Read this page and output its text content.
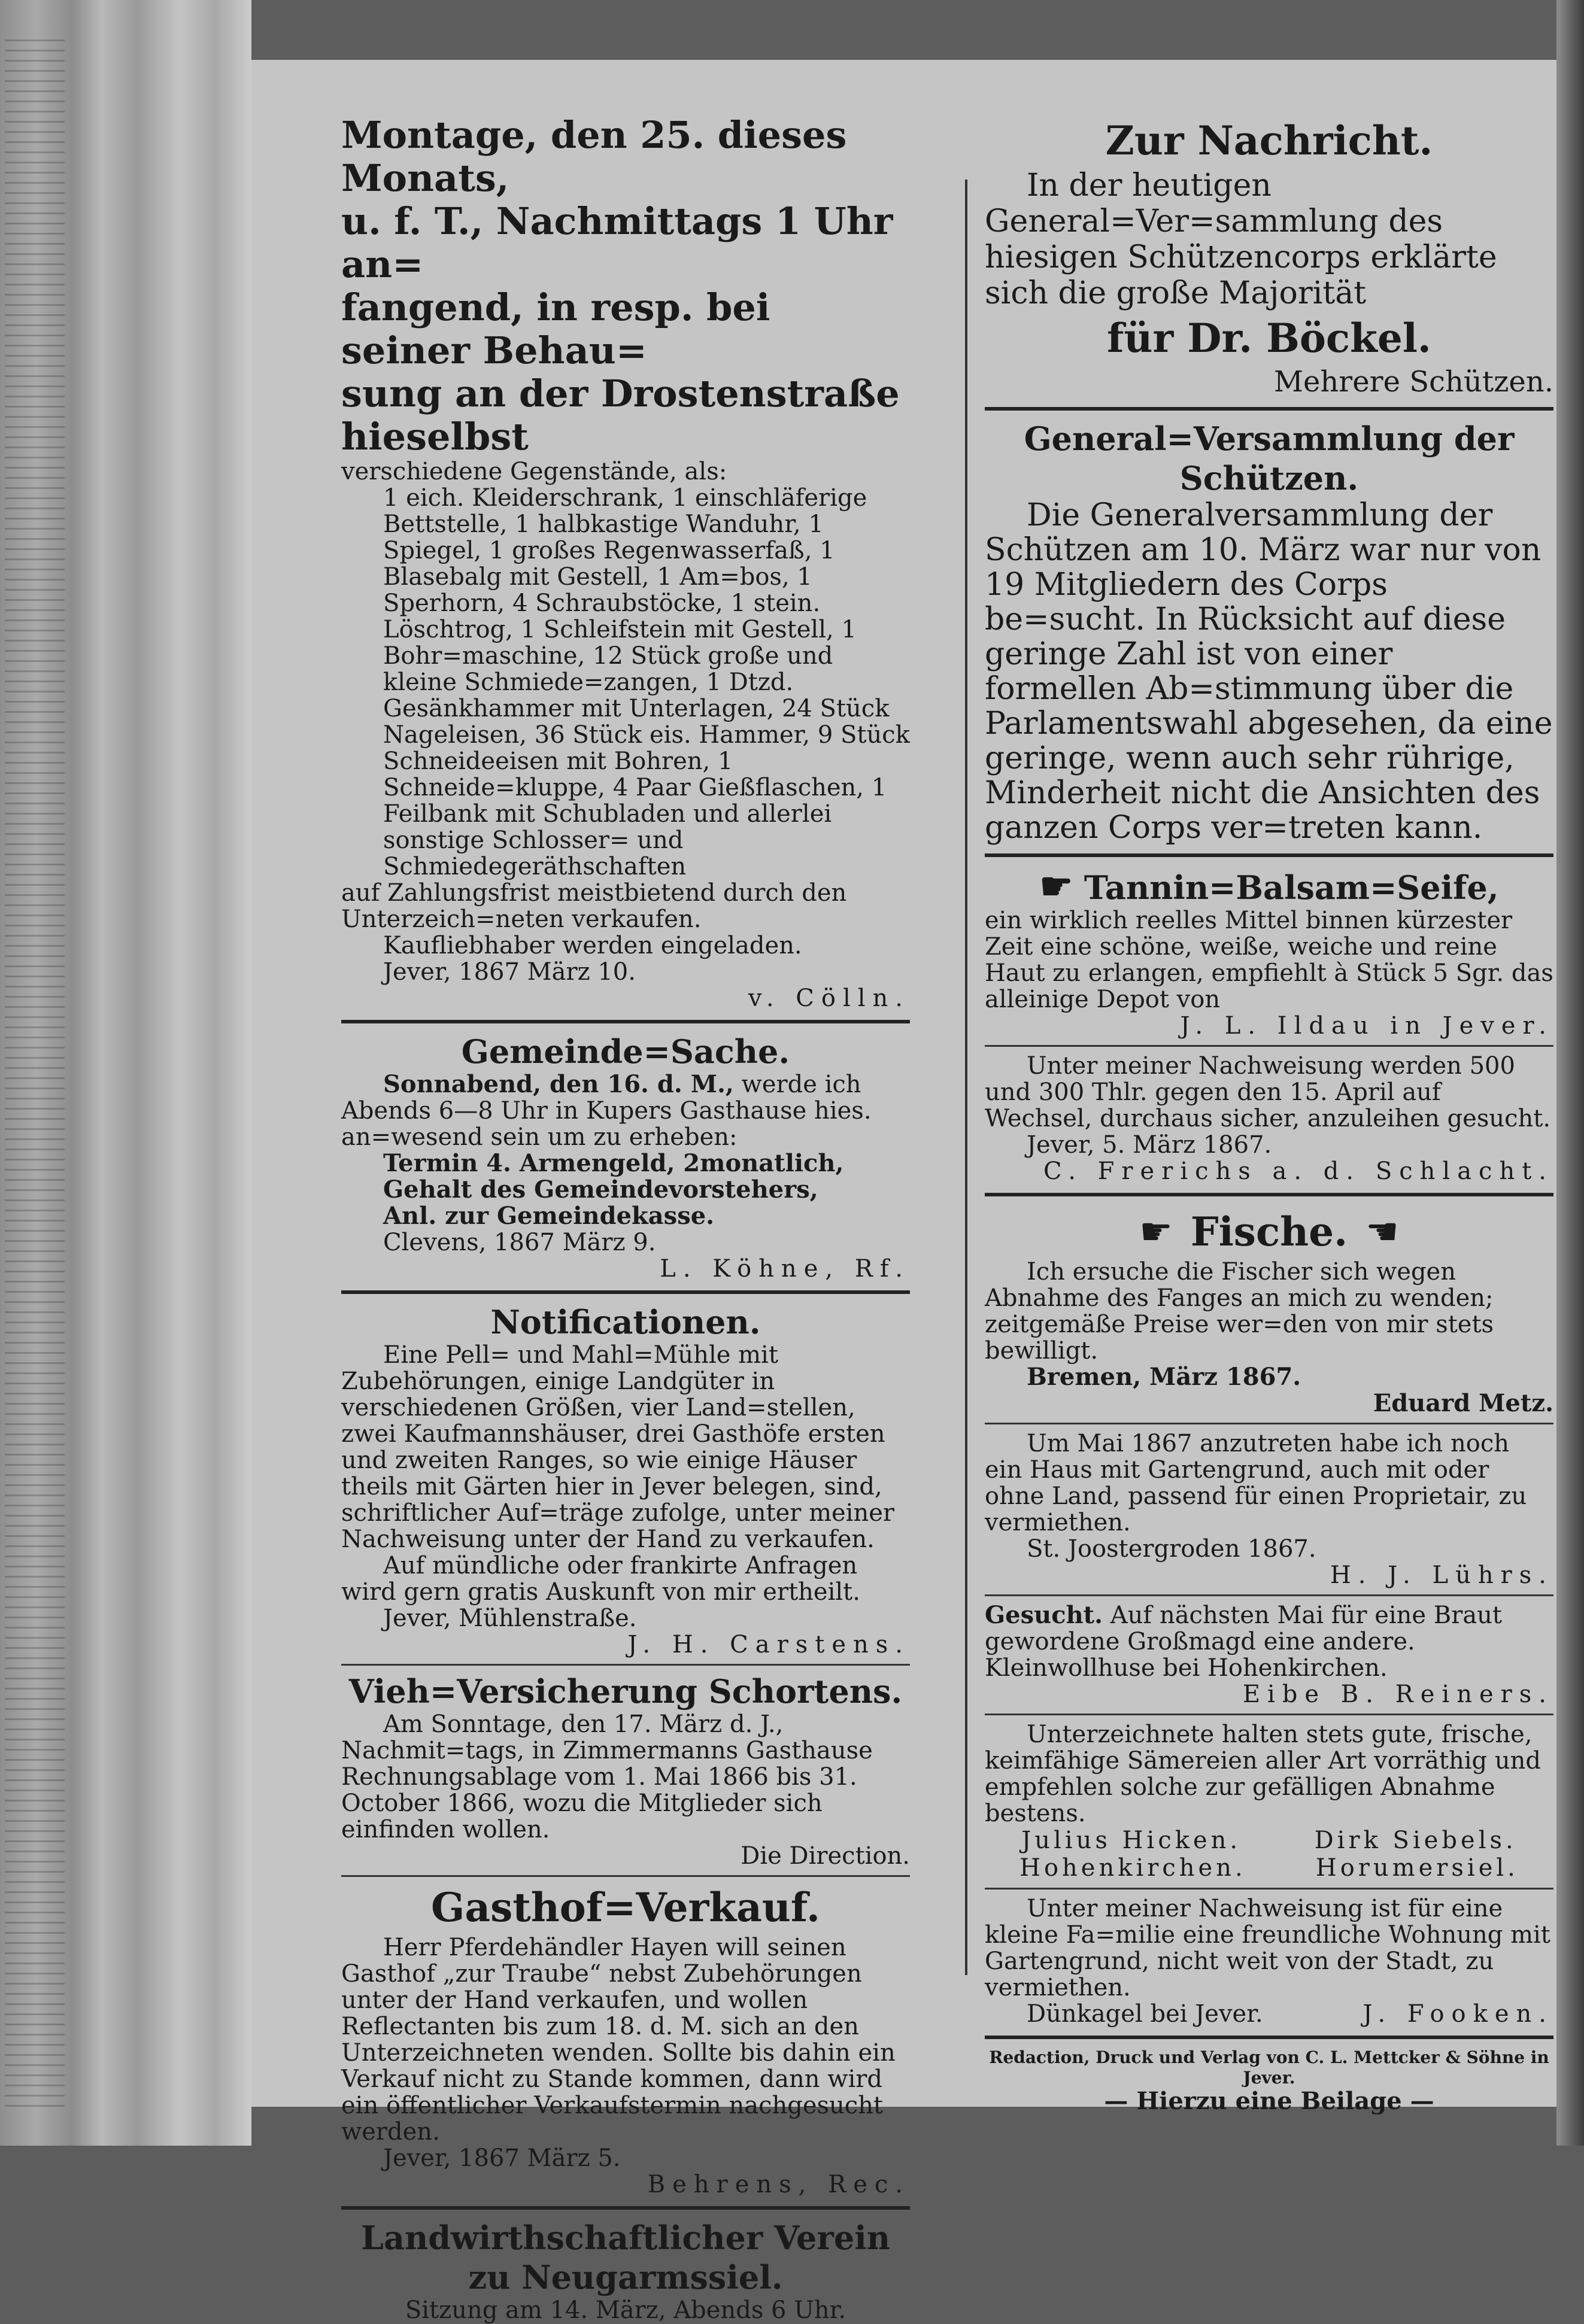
Montage, den 25. dieses Monats,

u. f. T., Nachmittags 1 Uhr an=

fangend, in resp. bei seiner Behau=

sung an der Drostenstraße hieselbst

verschiedene Gegenstände, als:

1 eich. Kleiderschrank, 1 einschläferige Bettstelle, 1 halbkastige Wanduhr, 1 Spiegel, 1 großes Regenwasserfaß, 1 Blasebalg mit Gestell, 1 Am=bos, 1 Sperhorn, 4 Schraubstöcke, 1 stein. Löschtrog, 1 Schleifstein mit Gestell, 1 Bohr=maschine, 12 Stück große und kleine Schmiede=zangen, 1 Dtzd. Gesänkhammer mit Unterlagen, 24 Stück Nageleisen, 36 Stück eis. Hammer, 9 Stück Schneideeisen mit Bohren, 1 Schneide=kluppe, 4 Paar Gießflaschen, 1 Feilbank mit Schubladen und allerlei sonstige Schlosser= und Schmiedegeräthschaften

auf Zahlungsfrist meistbietend durch den Unterzeich=neten verkaufen.

Kaufliebhaber werden eingeladen.

Jever, 1867 März 10.

v. Cölln.

Gemeinde=Sache.

Sonnabend, den 16. d. M., werde ich Abends 6—8 Uhr in Kupers Gasthause hies. an=wesend sein um zu erheben:

Termin 4. Armengeld, 2monatlich,

Gehalt des Gemeindevorstehers,

Anl. zur Gemeindekasse.

Clevens, 1867 März 9.

L. Köhne, Rf.

Notificationen.

Eine Pell= und Mahl=Mühle mit Zubehörungen, einige Landgüter in verschiedenen Größen, vier Land=stellen, zwei Kaufmannshäuser, drei Gasthöfe ersten und zweiten Ranges, so wie einige Häuser theils mit Gärten hier in Jever belegen, sind, schriftlicher Auf=träge zufolge, unter meiner Nachweisung unter der Hand zu verkaufen.

Auf mündliche oder frankirte Anfragen wird gern gratis Auskunft von mir ertheilt.

Jever, Mühlenstraße.

J. H. Carstens.

Vieh=Versicherung Schortens.

Am Sonntage, den 17. März d. J., Nachmit=tags, in Zimmermanns Gasthause Rechnungsablage vom 1. Mai 1866 bis 31. October 1866, wozu die Mitglieder sich einfinden wollen.

Die Direction.

Gasthof=Verkauf.

Herr Pferdehändler Hayen will seinen Gasthof „zur Traube“ nebst Zubehörungen unter der Hand verkaufen, und wollen Reflectanten bis zum 18. d. M. sich an den Unterzeichneten wenden. Sollte bis dahin ein Verkauf nicht zu Stande kommen, dann wird ein öffentlicher Verkaufstermin nachgesucht werden.

Jever, 1867 März 5.

Behrens, Rec.

Landwirthschaftlicher Verein

zu Neugarmssiel.

Sitzung am 14. März, Abends 6 Uhr.

Zur Nachricht.

In der heutigen General=Ver=sammlung des hiesigen Schützencorps erklärte sich die große Majorität

für Dr. Böckel.

Mehrere Schützen.

General=Versammlung der

Schützen.

Die Generalversammlung der Schützen am 10. März war nur von 19 Mitgliedern des Corps be=sucht. In Rücksicht auf diese geringe Zahl ist von einer formellen Ab=stimmung über die Parlamentswahl abgesehen, da eine geringe, wenn auch sehr rührige, Minderheit nicht die Ansichten des ganzen Corps ver=treten kann.

☛ Tannin=Balsam=Seife,

ein wirklich reelles Mittel binnen kürzester Zeit eine schöne, weiße, weiche und reine Haut zu erlangen, empfiehlt à Stück 5 Sgr. das alleinige Depot von

J. L. Ildau in Jever.

Unter meiner Nachweisung werden 500 und 300 Thlr. gegen den 15. April auf Wechsel, durchaus sicher, anzuleihen gesucht.

Jever, 5. März 1867.

C. Frerichs a. d. Schlacht.

☛ Fische. ☚

Ich ersuche die Fischer sich wegen Abnahme des Fanges an mich zu wenden; zeitgemäße Preise wer=den von mir stets bewilligt.

Bremen, März 1867.

Eduard Metz.

Um Mai 1867 anzutreten habe ich noch ein Haus mit Gartengrund, auch mit oder ohne Land, passend für einen Proprietair, zu vermiethen.

St. Joostergroden 1867.

H. J. Lührs.

Gesucht. Auf nächsten Mai für eine Braut gewordene Großmagd eine andere.

Kleinwollhuse bei Hohenkirchen.

Eibe B. Reiners.

Unterzeichnete halten stets gute, frische, keimfähige Sämereien aller Art vorräthig und empfehlen solche zur gefälligen Abnahme bestens.

Julius Hicken.	Dirk Siebels.
Hohenkirchen.	Horumersiel.

Unter meiner Nachweisung ist für eine kleine Fa=milie eine freundliche Wohnung mit Gartengrund, nicht weit von der Stadt, zu vermiethen.

Dünkagel bei Jever.	J. Fooken.

Redaction, Druck und Verlag von C. L. Mettcker & Söhne in Jever.

— Hierzu eine Beilage —
